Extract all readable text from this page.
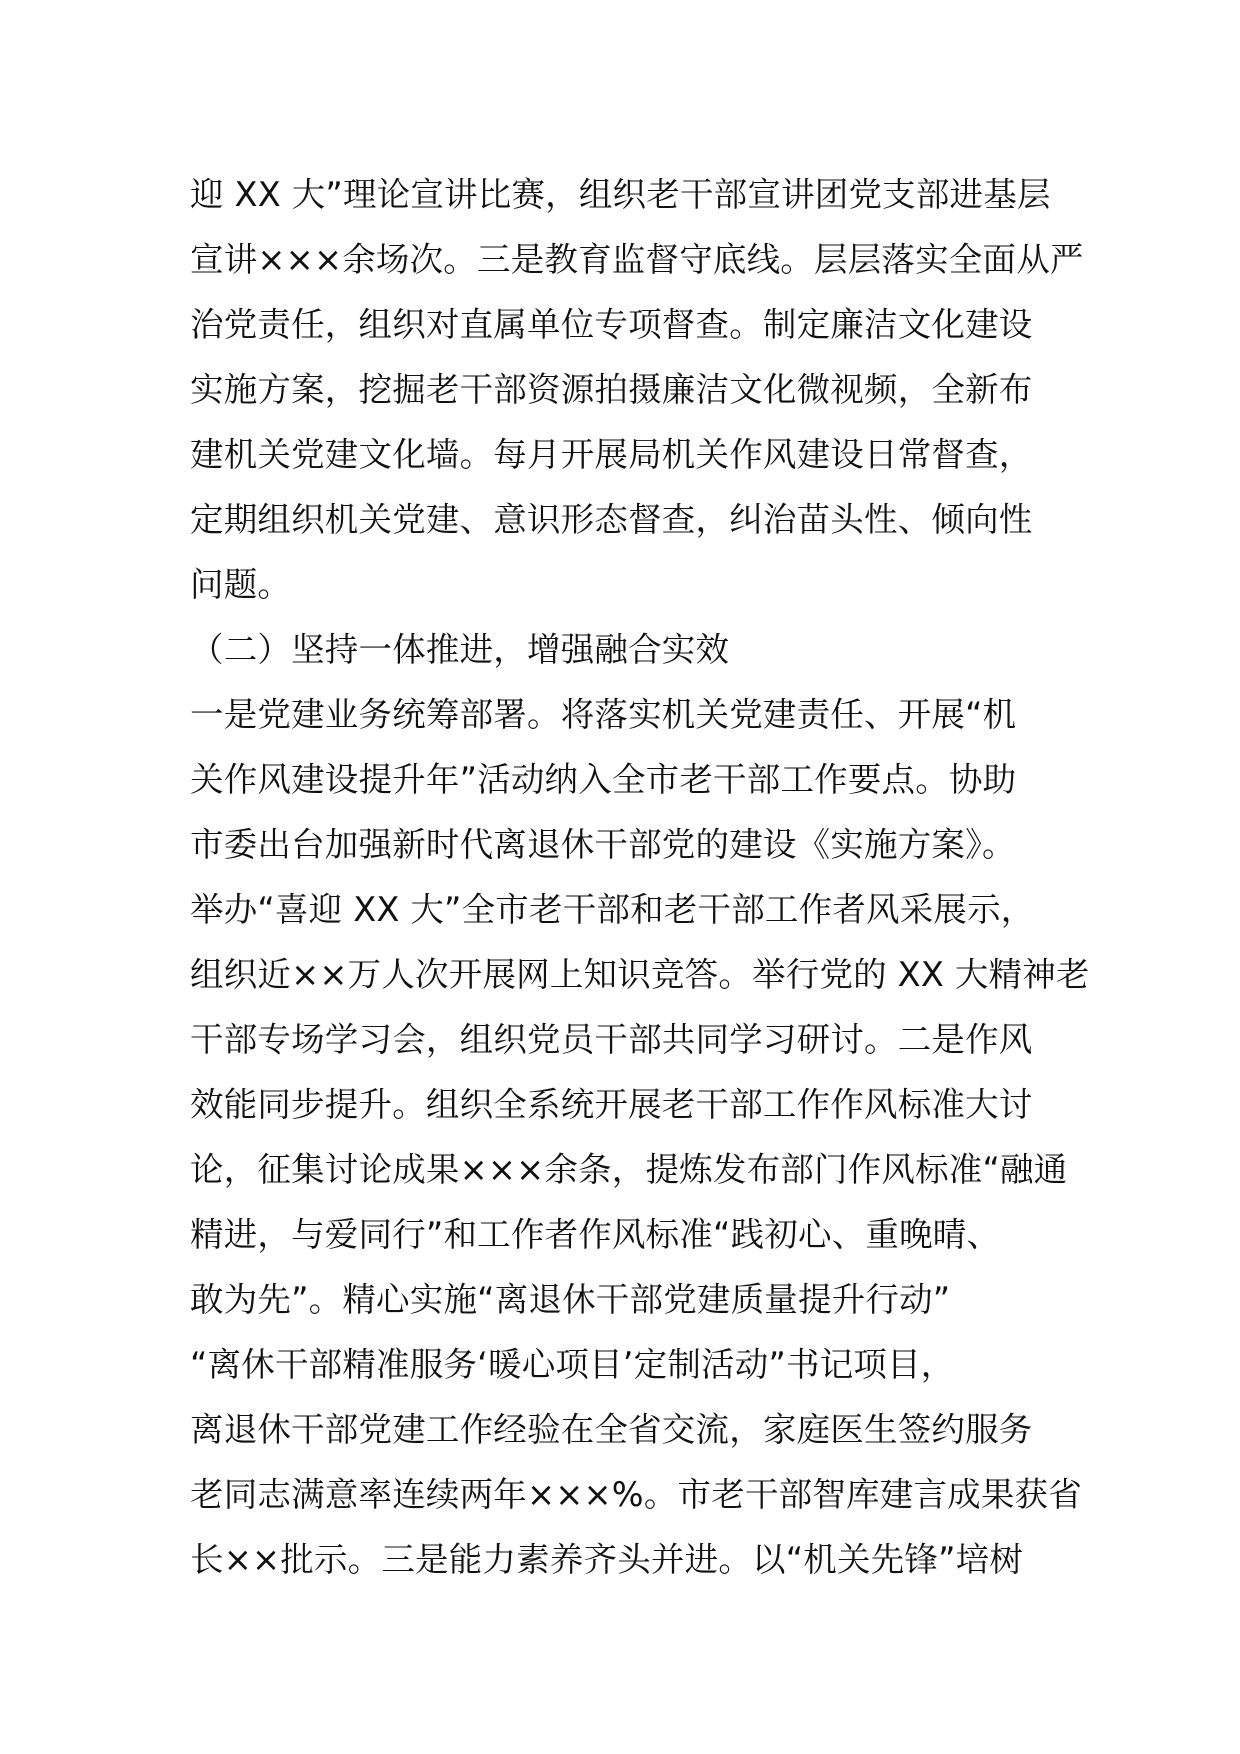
迎 XX 大”理论宣讲比赛，组织老干部宣讲团党支部进基层
宣讲×××余场次。三是教育监督守底线。层层落实全面从严
治党责任，组织对直属单位专项督查。制定廉洁文化建设
实施方案，挖掘老干部资源拍摄廉洁文化微视频，全新布
建机关党建文化墙。每月开展局机关作风建设日常督查，
定期组织机关党建、意识形态督查，纠治苗头性、倾向性
问题。
（二）坚持一体推进，增强融合实效
一是党建业务统筹部署。将落实机关党建责任、开展“机
关作风建设提升年”活动纳入全市老干部工作要点。协助
市委出台加强新时代离退休干部党的建设《实施方案》。
举办“喜迎 XX 大”全市老干部和老干部工作者风采展示，
组织近××万人次开展网上知识竞答。举行党的 XX 大精神老
干部专场学习会，组织党员干部共同学习研讨。二是作风
效能同步提升。组织全系统开展老干部工作作风标准大讨
论，征集讨论成果×××余条，提炼发布部门作风标准“融通
精进，与爱同行”和工作者作风标准“践初心、重晚晴、
敢为先”。精心实施“离退休干部党建质量提升行动”
“离休干部精准服务‘暖心项目’定制活动”书记项目，
离退休干部党建工作经验在全省交流，家庭医生签约服务
老同志满意率连续两年×××%。市老干部智库建言成果获省
长××批示。三是能力素养齐头并进。以“机关先锋”培树
